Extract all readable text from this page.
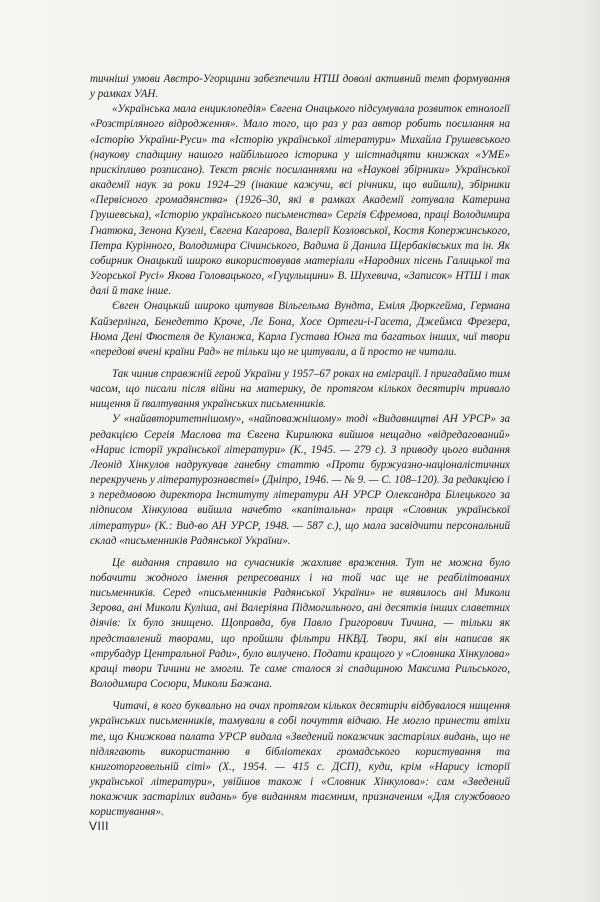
тичніші умови Австро-Угорщини забезпечили НТШ доволі активний темп формування у рамках УАН.

«Українська мала енциклопедія» Євгена Онацького підсумувала розвиток етнології «Розстріляного відродження». Мало того, що раз у раз автор робить посилання на «Історію України-Руси» та «Історію української літератури» Михайла Грушевського (наукову спадщину нашого найбільшого історика у шістнадцяти книжках «УМЕ» прискіпливо розписано). Текст рясніє посиланнями на «Наукові збірники» Української академії наук за роки 1924–29 (інакше кажучи, всі річники, що вийшли), збірники «Первісного громадянства» (1926–30, які в рамках Академії готувала Катерина Грушевська), «Історію українського письменства» Сергія Єфремова, праці Володимира Гнатюка, Зенона Кузелі, Євгена Кагарова, Валерії Козловської, Костя Копержинського, Петра Курінного, Володимира Січинського, Вадима й Данила Щербаківських та ін. Як собирник Онацький широко використовував матеріали «Народних пісень Галицької та Угорської Русі» Якова Головацького, «Гуцульщини» В. Шухевича, «Записок» НТШ і так далі й таке інше.

Євген Онацький широко цитував Вільгельма Вундта, Еміля Дюркгейма, Германа Кайзерлінга, Бенедетто Кроче, Ле Бона, Хосе Ортеги-і-Гасета, Джеймса Фрезера, Нюма Дені Фюстеля де Куланжа, Карла Густава Юнга та багатьох інших, чиї твори «передові вчені країни Рад» не тільки що не цитували, а й просто не читали.

Так чинив справжній герой України у 1957–67 роках на еміграції. І пригадаймо тим часом, що писали після війни на материку, де протягом кількох десятиріч тривало нищення й ґвалтування українських письменників.

У «найавторитетнішому», «найповажнішому» тоді «Видавництві АН УРСР» за редакцією Сергія Маслова та Євгена Кирилюка вийшов нещадно «відредагований» «Нарис історії української літератури» (К., 1945. — 279 с). З приводу цього видання Леонід Хінкулов надрукував ганебну статтю «Проти буржуазно-націоналістичних перекручень у літературознавстві» (Дніпро, 1946. — № 9. — С. 108–120). За редакцією і з передмовою директора Інституту літератури АН УРСР Олександра Білецького за підписом Хінкулова вийшла начебто «капітальна» праця «Словник української літератури» (К.: Вид-во АН УРСР, 1948. — 587 с.), що мала засвідчити персональний склад «письменників Радянської України».

Це видання справило на сучасників жахливе враження. Тут не можна було побачити жодного імення репресованих і на той час ще не реабілітованих письменників. Серед «письменників Радянської України» не виявилось ані Миколи Зерова, ані Миколи Куліша, ані Валеріяна Підмогильного, ані десятків інших славетних діячів: їх було знищено. Щоправда, був Павло Григорович Тичина, — тільки як представлений творами, що пройшли фільтри НКВД. Твори, які він написав як «трубадур Центральної Ради», було вилучено. Подати кращого у «Словника Хінкулова» кращі твори Тичини не змогли. Те саме сталося зі спадщиною Максима Рильського, Володимира Сосюри, Миколи Бажана.

Читачі, в кого буквально на очах протягом кількох десятиріч відбувалося нищення українських письменників, тамували в собі почуття відчаю. Не могло принести втіхи те, що Книжкова палата УРСР видала «Зведений покажчик застарілих видань, що не підлягають використанню в бібліотеках громадського користування та книготорговельній сіті» (Х., 1954. — 415 с. ДСП), куди, крім «Нарису історії української літератури», увійшов також і «Словник Хінкулова»: сам «Зведений покажчик застарілих видань» був виданням таємним, призначеним «Для службового користування».

VIII
